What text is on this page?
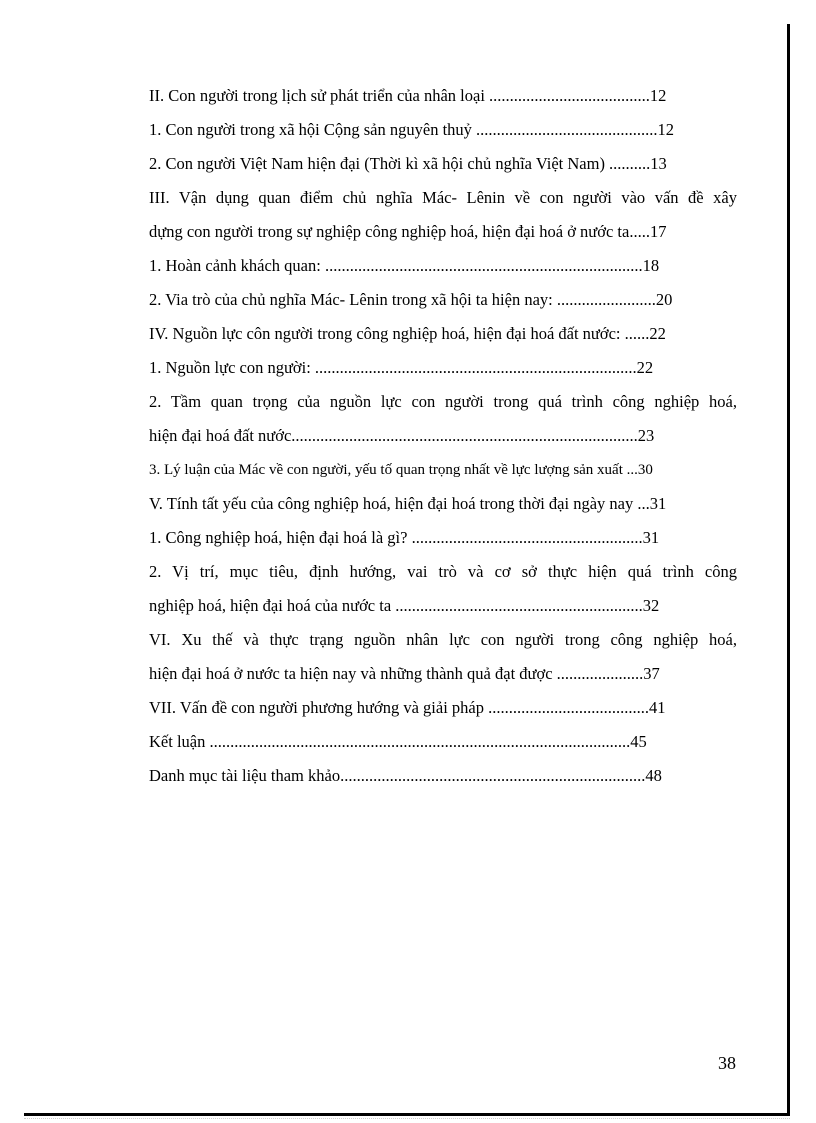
II. Con người trong lịch sử phát triển của nhân loại .......................................12
1. Con người trong xã hội Cộng sản nguyên thuỷ ............................................12
2. Con người Việt Nam hiện đại (Thời kì xã hội chủ nghĩa Việt Nam) ..........13
III. Vận dụng quan điểm chủ nghĩa Mác- Lênin về con người vào vấn đề xây
dựng con người trong sự nghiệp công nghiệp hoá, hiện đại hoá ở nước ta.....17
1. Hoàn cảnh khách quan: .............................................................................18
2. Via trò của chủ nghĩa Mác- Lênin trong xã hội ta hiện nay: ........................20
IV. Nguồn lực côn người trong công nghiệp hoá, hiện đại hoá đất nước: ......22
1. Nguồn lực con người: ..............................................................................22
2. Tầm quan trọng của nguồn lực con người trong quá trình công nghiệp hoá,
hiện đại hoá đất nước....................................................................................23
3. Lý luận của Mác về con người, yếu tố quan trọng nhất về lực lượng sản xuất ...30
V. Tính tất yếu của công nghiệp hoá, hiện đại hoá trong thời đại ngày nay ...31
1. Công nghiệp hoá, hiện đại hoá là gì? ........................................................31
2. Vị trí, mục tiêu, định hướng, vai trò và cơ sở thực hiện quá trình công
nghiệp hoá, hiện đại hoá của nước ta ............................................................32
VI. Xu thế và thực trạng nguồn nhân lực con người trong công nghiệp hoá,
hiện đại hoá ở nước ta hiện nay và những thành quả đạt được .....................37
VII. Vấn đề con người phương hướng và giải pháp .......................................41
Kết luận ......................................................................................................45
Danh mục tài liệu tham khảo..........................................................................48
38
